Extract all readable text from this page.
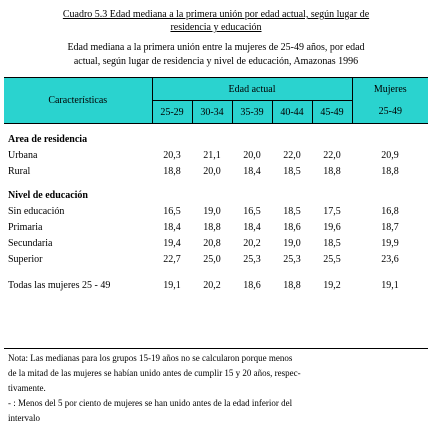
Cuadro 5.3 Edad mediana a la primera unión por edad actual, según lugar de
residencia y educación
Edad mediana a la primera unión entre la mujeres de 25-49 años, por edad
actual, según lugar de residencia y nivel de educación, Amazonas 1996
Características	Edad actual					Mujeres
	25-29	30-34	35-39	40-44	45-49	25-49

Area de residencia						
Urbana	20,3	21,1	20,0	22,0	22,0	20,9
Rural	18,8	20,0	18,4	18,5	18,8	18,8

Nivel de educación						
Sin educación	16,5	19,0	16,5	18,5	17,5	16,8
Primaria	18,4	18,8	18,4	18,6	19,6	18,7
Secundaria	19,4	20,8	20,2	19,0	18,5	19,9
Superior	22,7	25,0	25,3	25,3	25,5	23,6

Todas las mujeres 25 - 49	19,1	20,2	18,6	18,8	19,2	19,1

Nota: Las medianas para los grupos 15-19 años no se calcularon porque menos

de la mitad de las mujeres se habían unido antes de cumplir 15 y 20 años, respec-

tivamente.

- : Menos del 5 por ciento de mujeres se han unido antes de la edad inferior del

intervalo
